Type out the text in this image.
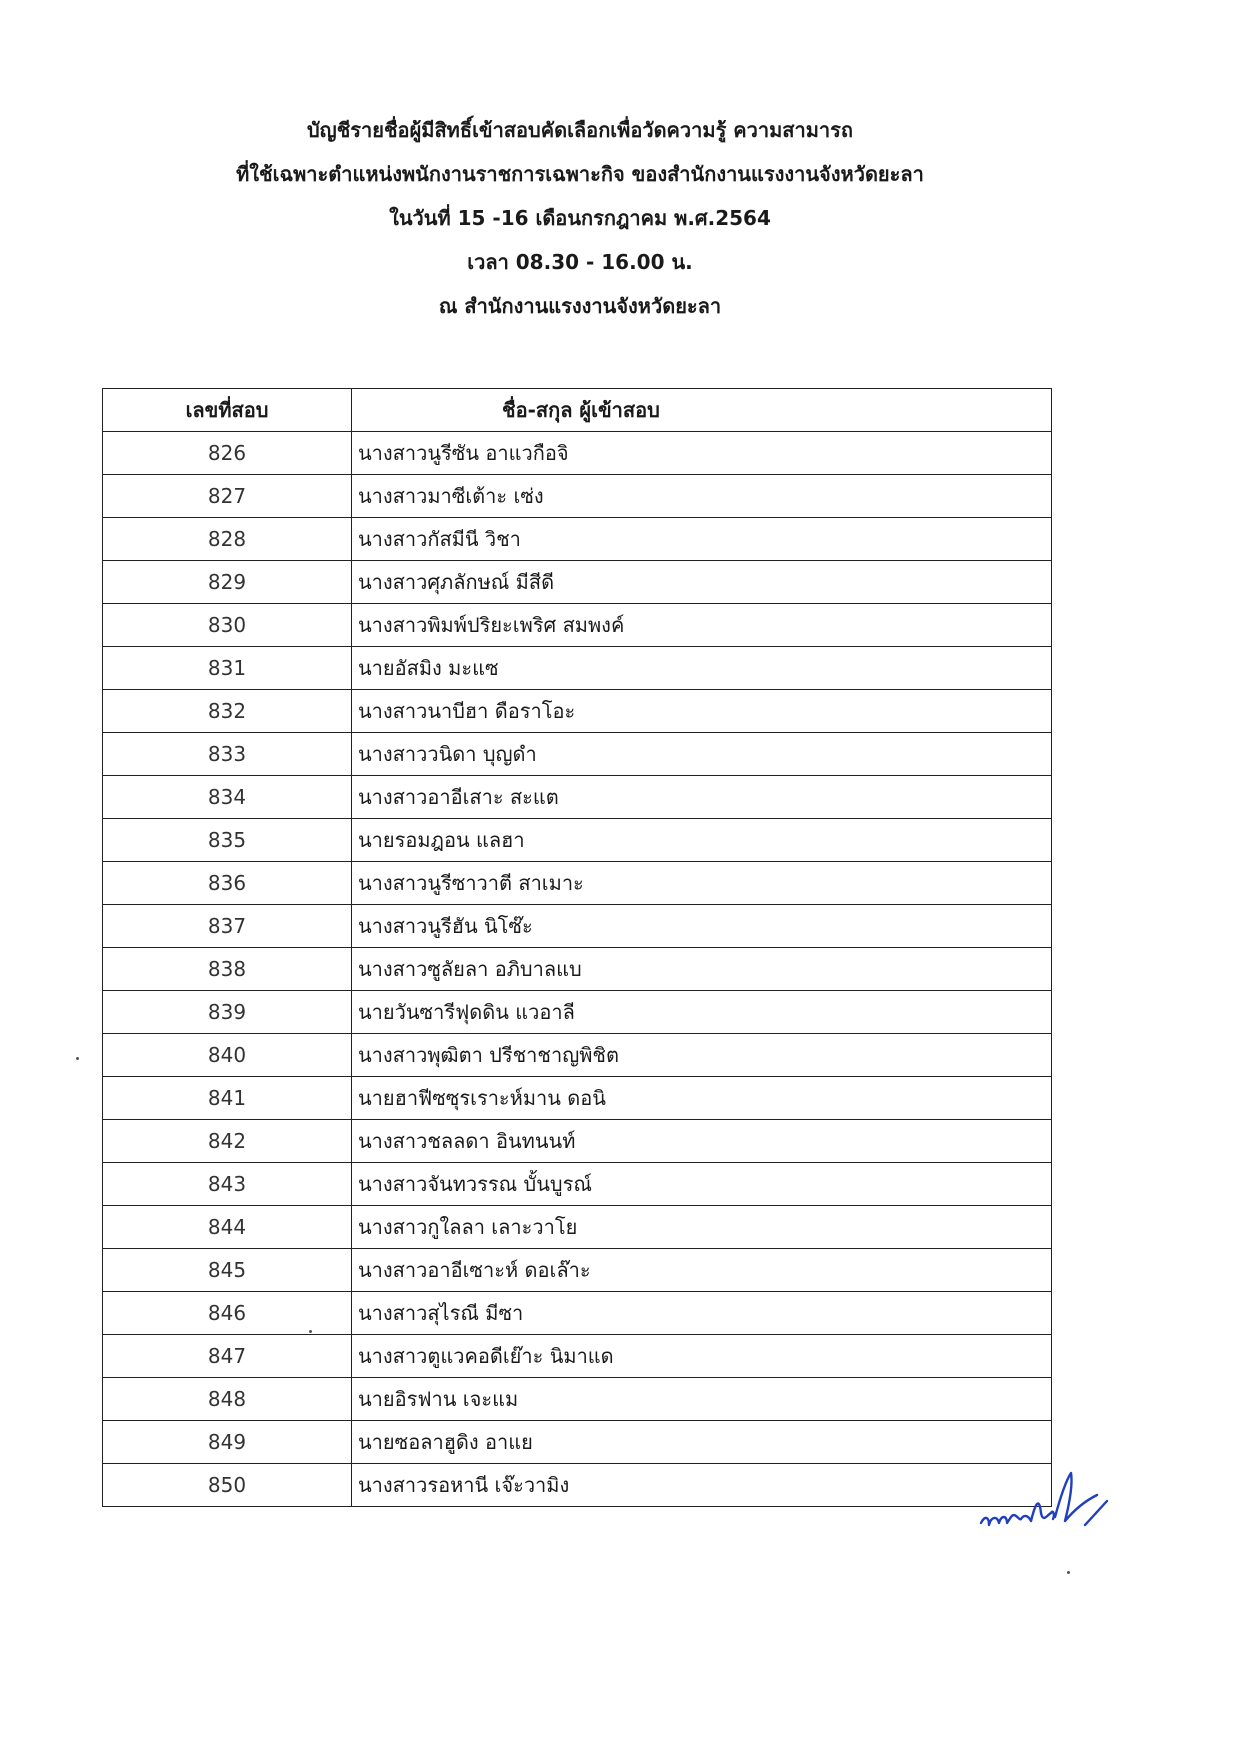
บัญชีรายชื่อผู้มีสิทธิ์เข้าสอบคัดเลือกเพื่อวัดความรู้ ความสามารถ
ที่ใช้เฉพาะตำแหน่งพนักงานราชการเฉพาะกิจ ของสำนักงานแรงงานจังหวัดยะลา
ในวันที่ 15 -16 เดือนกรกฎาคม พ.ศ.2564
เวลา 08.30 - 16.00 น.
ณ สำนักงานแรงงานจังหวัดยะลา
เลขที่สอบ	ชื่อ-สกุล ผู้เข้าสอบ
826	นางสาวนูรีซัน อาแวกือจิ
827	นางสาวมาซีเต้าะ เซ่ง
828	นางสาวกัสมีนี วิชา
829	นางสาวศุภลักษณ์ มีสีดี
830	นางสาวพิมพ์ปริยะเพริศ สมพงค์
831	นายอัสมิง มะแซ
832	นางสาวนาบีฮา ดือราโอะ
833	นางสาววนิดา บุญดำ
834	นางสาวอาอีเสาะ สะแต
835	นายรอมฎอน แลฮา
836	นางสาวนูรีซาวาตี สาเมาะ
837	นางสาวนูรีฮัน นิโซ๊ะ
838	นางสาวซูลัยลา อภิบาลแบ
839	นายวันซารีฟุดดิน แวอาลี
840	นางสาวพุฒิตา ปรีชาชาญพิชิต
841	นายฮาฟีซซุรเราะห์มาน ดอนิ
842	นางสาวชลลดา อินทนนท์
843	นางสาวจันทวรรณ บั้นบูรณ์
844	นางสาวกูใลลา เลาะวาโย
845	นางสาวอาอีเซาะห์ ดอเล๊าะ
846	นางสาวสุไรณี มีซา
847	นางสาวตูแวคอดีเย๊าะ นิมาแด
848	นายอิรฟาน เจะแม
849	นายซอลาฮูดิง อาแย
850	นางสาวรอหานี เจ๊ะวามิง
